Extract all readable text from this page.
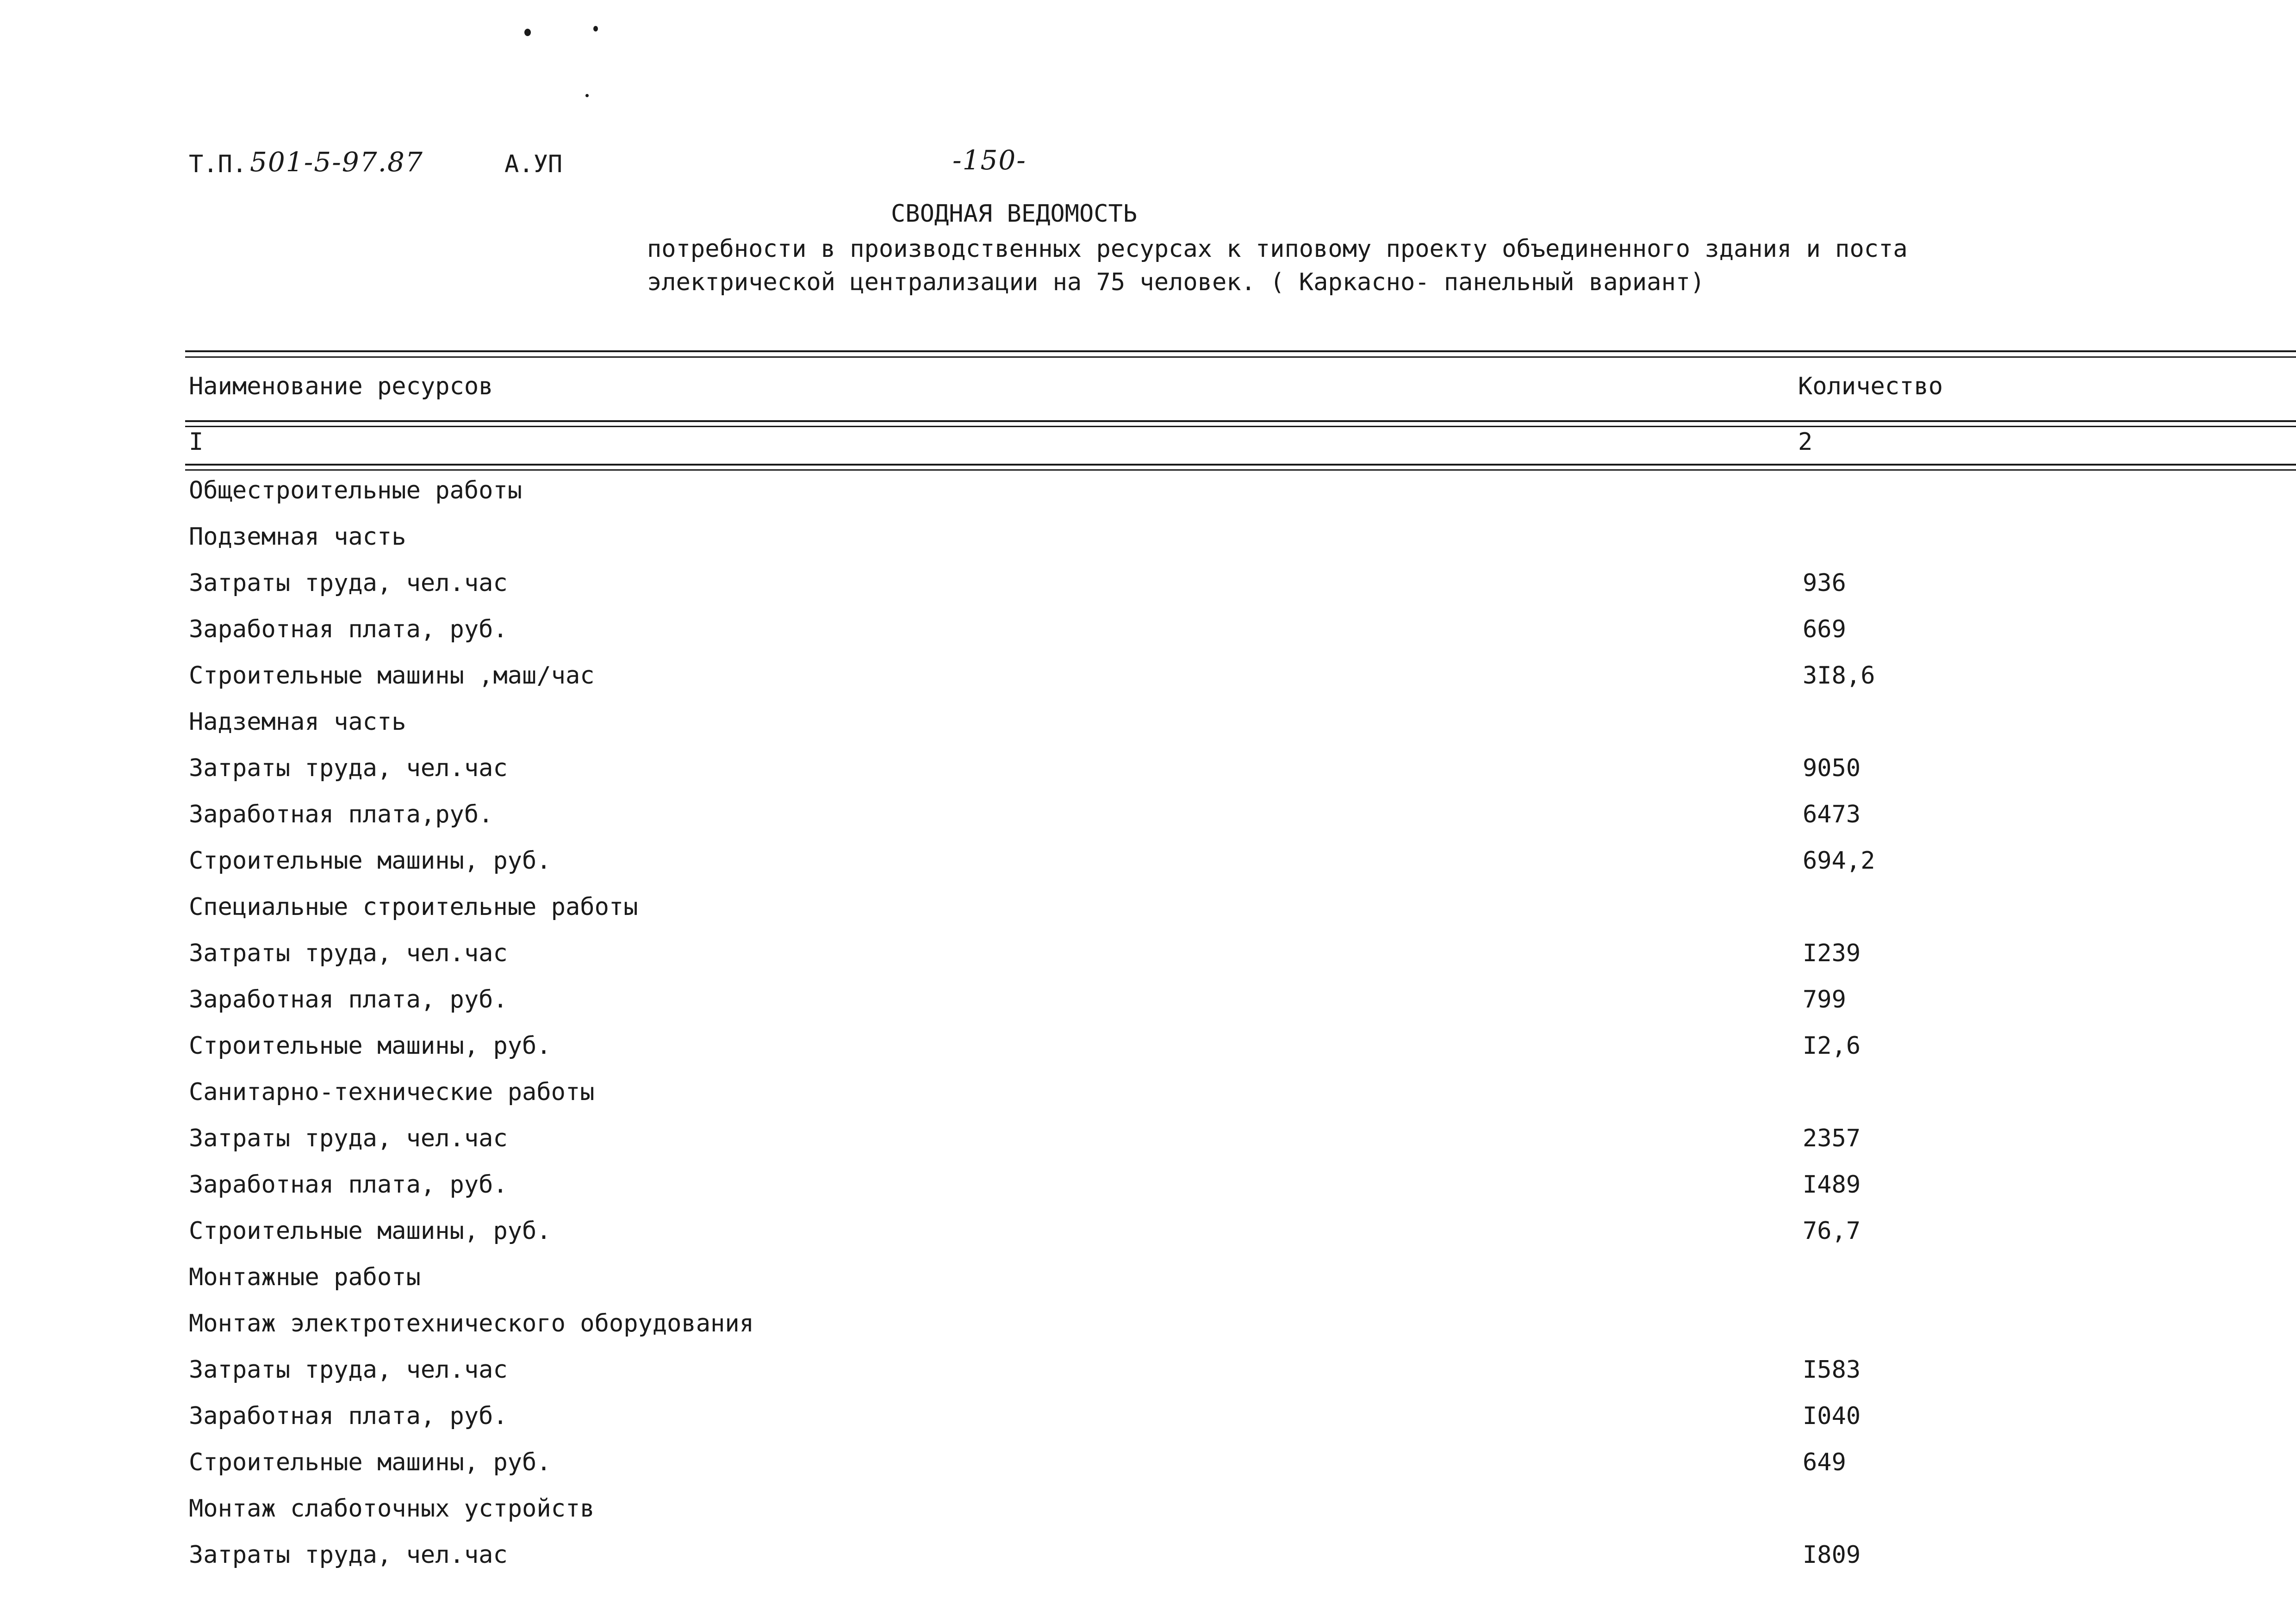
Т.П. 501-5-97.87	А.УП	-150-
СВОДНАЯ ВЕДОМОСТЬ
потребности в производственных ресурсах к типовому проекту объединенного здания и поста
электрической централизации на 75 человек. ( Каркасно- панельный вариант)
Наименование ресурсов	Количество
I	2
Общестроительные работы
Подземная часть
Затраты труда, чел.час	936
Заработная плата, руб.	669
Строительные машины ,маш/час	3I8,6
Надземная часть
Затраты труда, чел.час	9050
Заработная плата,руб.	6473
Строительные машины, руб.	694,2
Специальные строительные работы
Затраты труда, чел.час	I239
Заработная плата, руб.	799
Строительные машины, руб.	I2,6
Санитарно-технические работы
Затраты труда, чел.час	2357
Заработная плата, руб.	I489
Строительные машины, руб.	76,7
Монтажные работы
Монтаж электротехнического оборудования
Затраты труда, чел.час	I583
Заработная плата, руб.	I040
Строительные машины, руб.	649
Монтаж слаботочных устройств
Затраты труда, чел.час	I809
